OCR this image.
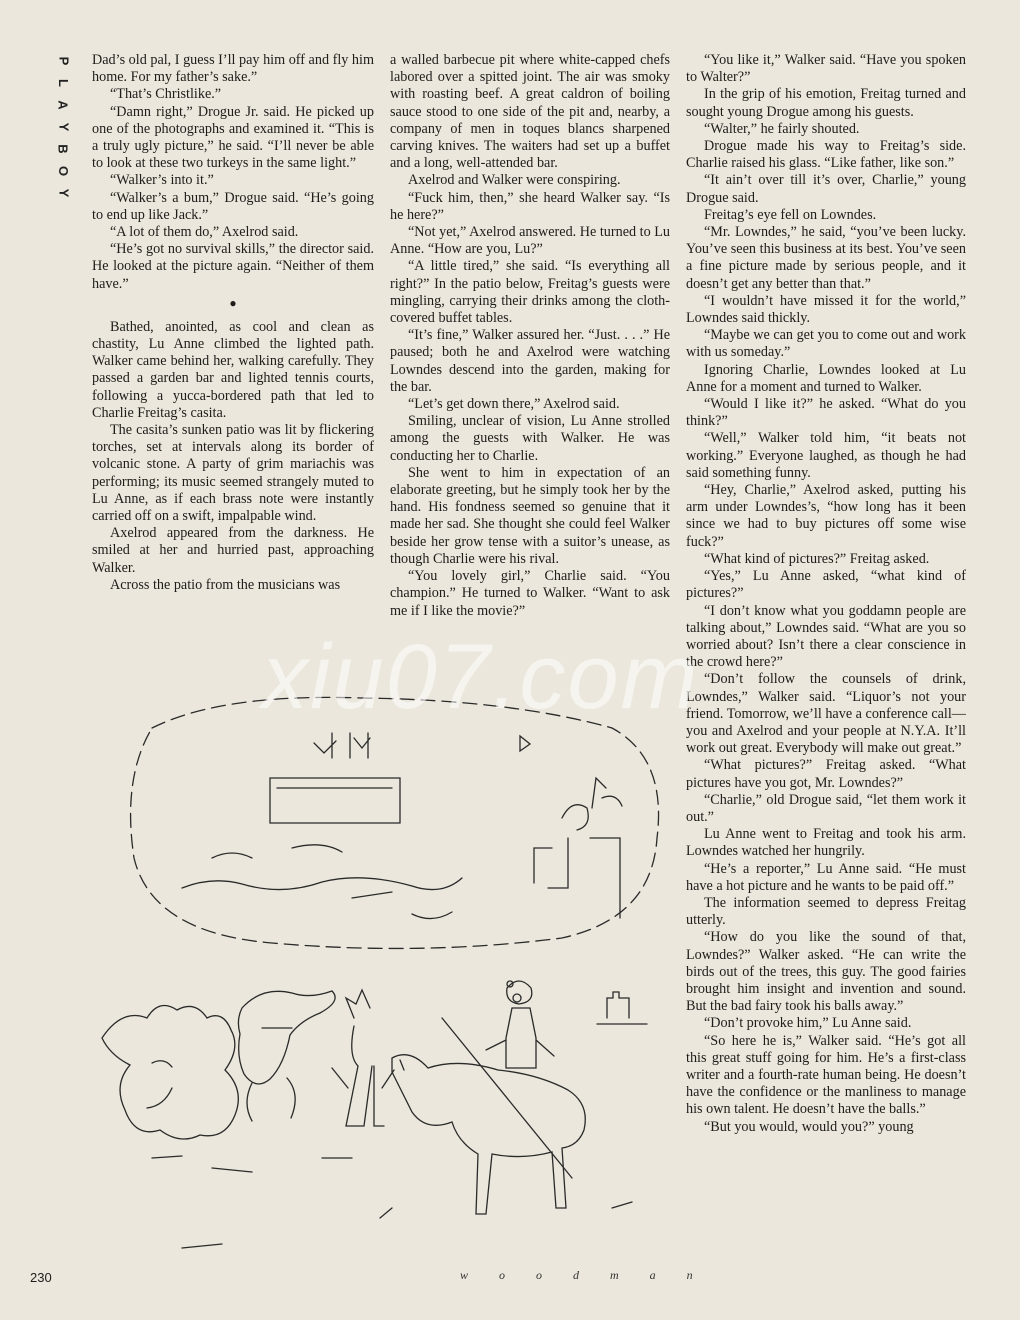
P
L
A
Y
B
O
Y

Dad’s old pal, I guess I’ll pay him off and fly him home. For my father’s sake.”

“That’s Christlike.”

“Damn right,” Drogue Jr. said. He picked up one of the photographs and examined it. “This is a truly ugly picture,” he said. “I’ll never be able to look at these two turkeys in the same light.”

“Walker’s into it.”

“Walker’s a bum,” Drogue said. “He’s going to end up like Jack.”

“A lot of them do,” Axelrod said.

“He’s got no survival skills,” the director said. He looked at the picture again. “Neither of them have.”

●

Bathed, anointed, as cool and clean as chastity, Lu Anne climbed the lighted path. Walker came behind her, walking carefully. They passed a garden bar and lighted tennis courts, following a yucca-bordered path that led to Charlie Freitag’s casita.

The casita’s sunken patio was lit by flickering torches, set at intervals along its border of volcanic stone. A party of grim mariachis was performing; its music seemed strangely muted to Lu Anne, as if each brass note were instantly carried off on a swift, impalpable wind.

Axelrod appeared from the darkness. He smiled at her and hurried past, approaching Walker.

Across the patio from the musicians was

a walled barbecue pit where white-capped chefs labored over a spitted joint. The air was smoky with roasting beef. A great caldron of boiling sauce stood to one side of the pit and, nearby, a company of men in toques blancs sharpened carving knives. The waiters had set up a buffet and a long, well-attended bar.

Axelrod and Walker were conspiring.

“Fuck him, then,” she heard Walker say. “Is he here?”

“Not yet,” Axelrod answered. He turned to Lu Anne. “How are you, Lu?”

“A little tired,” she said. “Is everything all right?” In the patio below, Freitag’s guests were mingling, carrying their drinks among the cloth-covered buffet tables.

“It’s fine,” Walker assured her. “Just. . . .” He paused; both he and Axelrod were watching Lowndes descend into the garden, making for the bar.

“Let’s get down there,” Axelrod said.

Smiling, unclear of vision, Lu Anne strolled among the guests with Walker. He was conducting her to Charlie.

She went to him in expectation of an elaborate greeting, but he simply took her by the hand. His fondness seemed so genuine that it made her sad. She thought she could feel Walker beside her grow tense with a suitor’s unease, as though Charlie were his rival.

“You lovely girl,” Charlie said. “You champion.” He turned to Walker. “Want to ask me if I like the movie?”

“You like it,” Walker said. “Have you spoken to Walter?”

In the grip of his emotion, Freitag turned and sought young Drogue among his guests.

“Walter,” he fairly shouted.

Drogue made his way to Freitag’s side. Charlie raised his glass. “Like father, like son.”

“It ain’t over till it’s over, Charlie,” young Drogue said.

Freitag’s eye fell on Lowndes.

“Mr. Lowndes,” he said, “you’ve been lucky. You’ve seen this business at its best. You’ve seen a fine picture made by serious people, and it doesn’t get any better than that.”

“I wouldn’t have missed it for the world,” Lowndes said thickly.

“Maybe we can get you to come out and work with us someday.”

Ignoring Charlie, Lowndes looked at Lu Anne for a moment and turned to Walker.

“Would I like it?” he asked. “What do you think?”

“Well,” Walker told him, “it beats not working.” Everyone laughed, as though he had said something funny.

“Hey, Charlie,” Axelrod asked, putting his arm under Lowndes’s, “how long has it been since we had to buy pictures off some wise fuck?”

“What kind of pictures?” Freitag asked.

“Yes,” Lu Anne asked, “what kind of pictures?”

“I don’t know what you goddamn people are talking about,” Lowndes said. “What are you so worried about? Isn’t there a clear conscience in the crowd here?”

“Don’t follow the counsels of drink, Lowndes,” Walker said. “Liquor’s not your friend. Tomorrow, we’ll have a conference call—you and Axelrod and your people at N.Y.A. It’ll work out great. Everybody will make out great.”

“What pictures?” Freitag asked. “What pictures have you got, Mr. Lowndes?”

“Charlie,” old Drogue said, “let them work it out.”

Lu Anne went to Freitag and took his arm. Lowndes watched her hungrily.

“He’s a reporter,” Lu Anne said. “He must have a hot picture and he wants to be paid off.”

The information seemed to depress Freitag utterly.

“How do you like the sound of that, Lowndes?” Walker asked. “He can write the birds out of the trees, this guy. The good fairies brought him insight and invention and sound. But the bad fairy took his balls away.”

“Don’t provoke him,” Lu Anne said.

“So here he is,” Walker said. “He’s got all this great stuff going for him. He’s a first-class writer and a fourth-rate human being. He doesn’t have the confidence or the manliness to manage his own talent. He doesn’t have the balls.”

“But you would, would you?” young

w o o d m a n
230
xiu07.com
